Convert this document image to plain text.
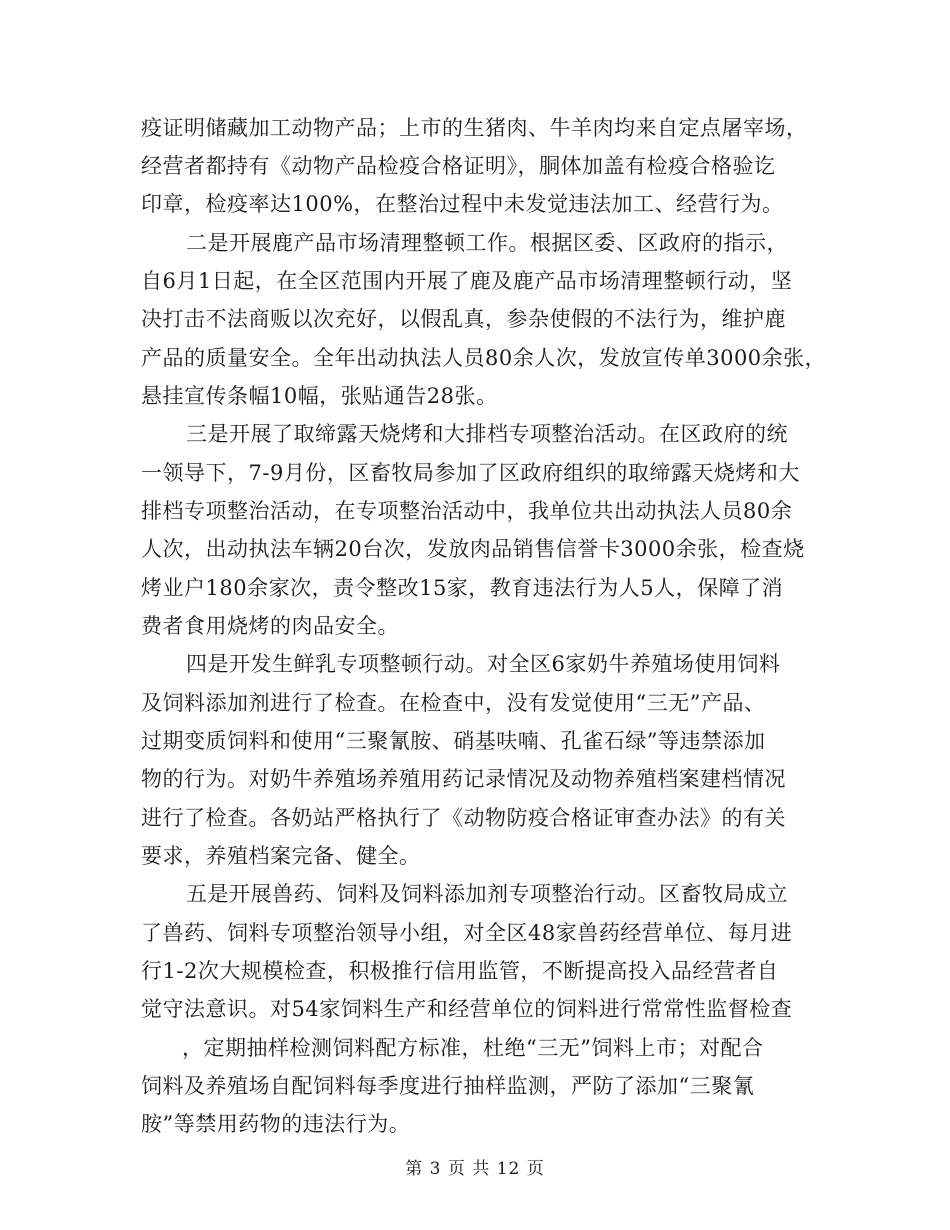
疫证明储藏加工动物产品；上市的生猪肉、牛羊肉均来自定点屠宰场，
经营者都持有《动物产品检疫合格证明》，胴体加盖有检疫合格验讫
印章，检疫率达100%，在整治过程中未发觉违法加工、经营行为。
二是开展鹿产品市场清理整顿工作。根据区委、区政府的指示，
自6月1日起，在全区范围内开展了鹿及鹿产品市场清理整顿行动，坚
决打击不法商贩以次充好，以假乱真，参杂使假的不法行为，维护鹿
产品的质量安全。全年出动执法人员80余人次，发放宣传单3000余张，
悬挂宣传条幅10幅，张贴通告28张。
三是开展了取缔露天烧烤和大排档专项整治活动。在区政府的统
一领导下，7-9月份，区畜牧局参加了区政府组织的取缔露天烧烤和大
排档专项整治活动，在专项整治活动中，我单位共出动执法人员80余
人次，出动执法车辆20台次，发放肉品销售信誉卡3000余张，检查烧
烤业户180余家次，责令整改15家，教育违法行为人5人，保障了消
费者食用烧烤的肉品安全。
四是开发生鲜乳专项整顿行动。对全区6家奶牛养殖场使用饲料
及饲料添加剂进行了检查。在检查中，没有发觉使用“三无”产品、
过期变质饲料和使用“三聚氰胺、硝基呋喃、孔雀石绿”等违禁添加
物的行为。对奶牛养殖场养殖用药记录情况及动物养殖档案建档情况
进行了检查。各奶站严格执行了《动物防疫合格证审查办法》的有关
要求，养殖档案完备、健全。
五是开展兽药、饲料及饲料添加剂专项整治行动。区畜牧局成立
了兽药、饲料专项整治领导小组，对全区48家兽药经营单位、每月进
行1-2次大规模检查，积极推行信用监管，不断提高投入品经营者自
觉守法意识。对54家饲料生产和经营单位的饲料进行常常性监督检查
，定期抽样检测饲料配方标准，杜绝“三无”饲料上市；对配合
饲料及养殖场自配饲料每季度进行抽样监测，严防了添加“三聚氰
胺”等禁用药物的违法行为。
第 3 页 共 12 页
